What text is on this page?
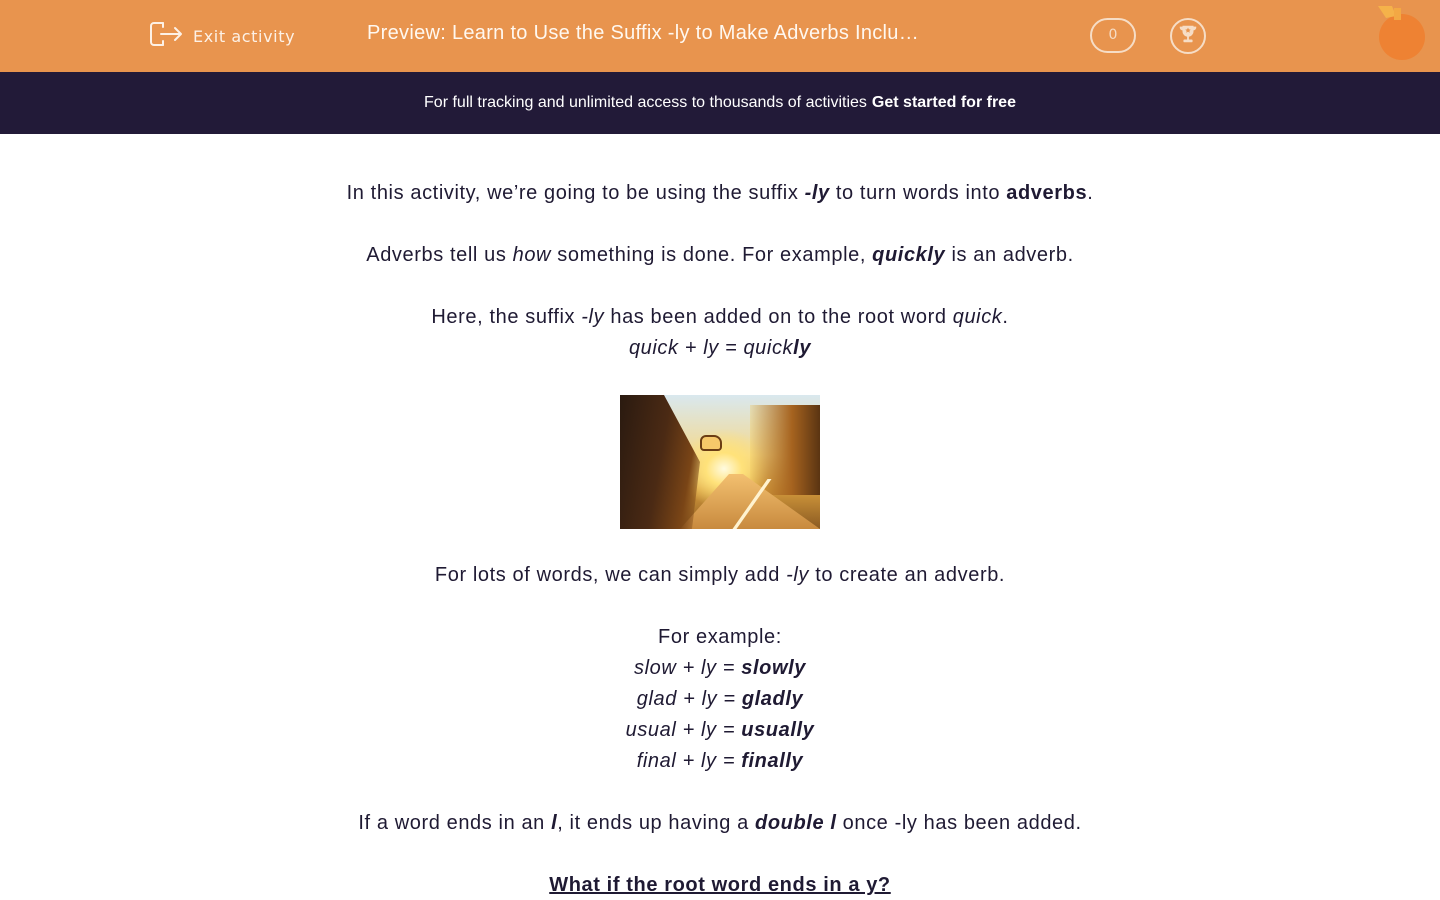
Exit activity	Preview: Learn to Use the Suffix -ly to Make Adverbs Inclu…	0
For full tracking and unlimited access to thousands of activities Get started for free
In this activity, we’re going to be using the suffix -ly to turn words into adverbs.
Adverbs tell us how something is done. For example, quickly is an adverb.
Here, the suffix -ly has been added on to the root word quick.
quick + ly = quickly
For lots of words, we can simply add -ly to create an adverb.
For example:
slow + ly = slowly
glad + ly = gladly
usual + ly = usually
final + ly = finally
If a word ends in an l, it ends up having a double l once -ly has been added.
What if the root word ends in a y?
